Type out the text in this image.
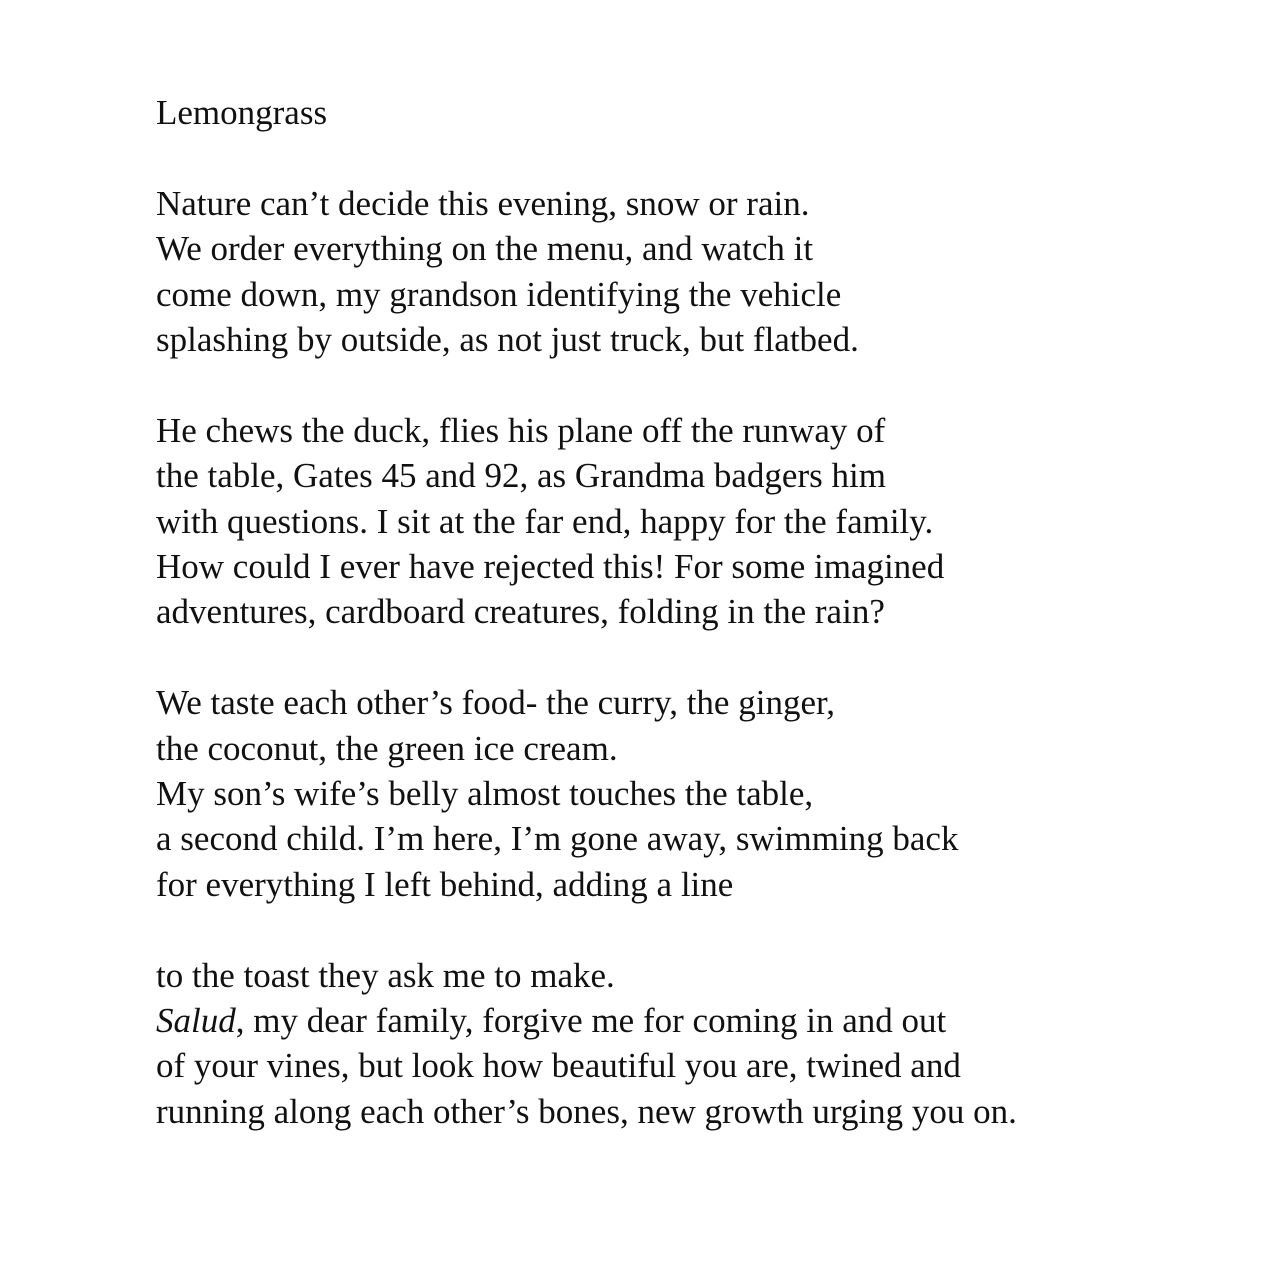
Lemongrass

Nature can’t decide this evening, snow or rain.
We order everything on the menu, and watch it
come down, my grandson identifying the vehicle
splashing by outside, as not just truck, but flatbed.

He chews the duck, flies his plane off the runway of
the table, Gates 45 and 92, as Grandma badgers him
with questions. I sit at the far end, happy for the family.
How could I ever have rejected this! For some imagined
adventures, cardboard creatures, folding in the rain?

We taste each other’s food- the curry, the ginger,
the coconut, the green ice cream.
My son’s wife’s belly almost touches the table,
a second child. I’m here, I’m gone away, swimming back
for everything I left behind, adding a line

to the toast they ask me to make.
Salud, my dear family, forgive me for coming in and out
of your vines, but look how beautiful you are, twined and
running along each other’s bones, new growth urging you on.
